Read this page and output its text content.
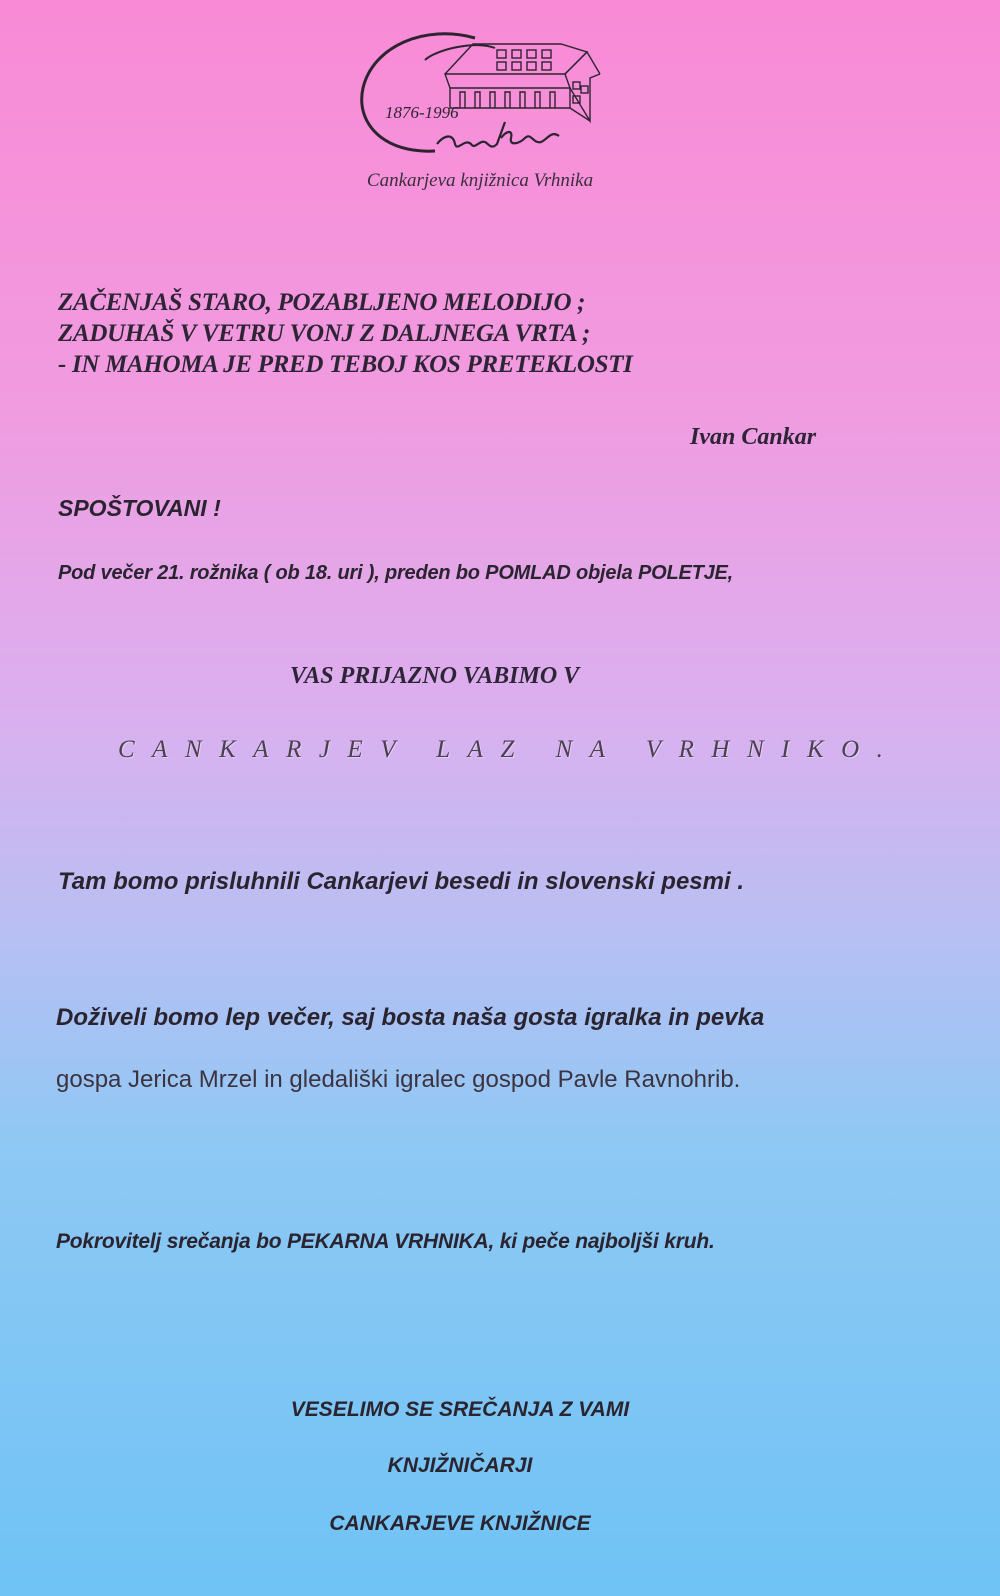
1876-1996
Cankarjeva knjižnica Vrhnika
ZAČENJAŠ STARO, POZABLJENO MELODIJO ;
ZADUHAŠ V VETRU VONJ Z DALJNEGA VRTA ;
- IN MAHOMA JE PRED TEBOJ KOS PRETEKLOSTI
Ivan Cankar
SPOŠTOVANI !
Pod večer 21. rožnika ( ob 18. uri ), preden bo POMLAD objela POLETJE,
VAS PRIJAZNO VABIMO V
CANKARJEV LAZ NA VRHNIKO.
Tam bomo prisluhnili Cankarjevi besedi in slovenski pesmi .
Doživeli bomo lep večer, saj bosta naša gosta igralka in pevka
gospa Jerica Mrzel in gledališki igralec gospod Pavle Ravnohrib.
Pokrovitelj srečanja bo PEKARNA VRHNIKA, ki peče najboljši kruh.
VESELIMO SE SREČANJA Z VAMI
KNJIŽNIČARJI
CANKARJEVE KNJIŽNICE
